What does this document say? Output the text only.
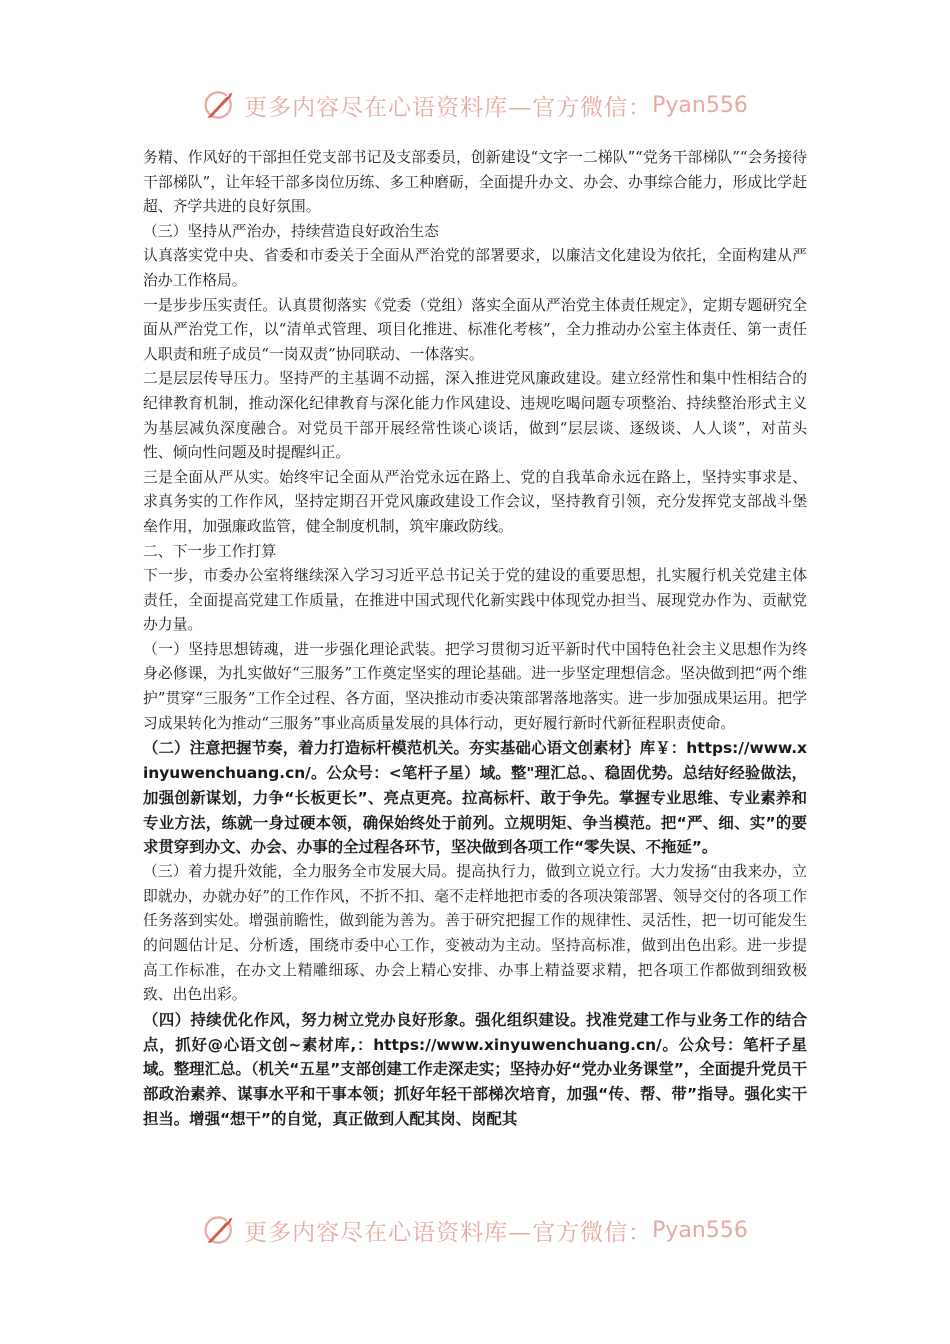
更多内容尽在心语资料库—官方微信： Pyan556

务精、作风好的干部担任党支部书记及支部委员，创新建设“文字一二梯队”“党务干部梯队”“会务接待干部梯队”，让年轻干部多岗位历练、多工种磨砺，全面提升办文、办会、办事综合能力，形成比学赶超、齐学共进的良好氛围。

（三）坚持从严治办，持续营造良好政治生态

认真落实党中央、省委和市委关于全面从严治党的部署要求，以廉洁文化建设为依托，全面构建从严治办工作格局。

一是步步压实责任。认真贯彻落实《党委（党组）落实全面从严治党主体责任规定》，定期专题研究全面从严治党工作，以“清单式管理、项目化推进、标准化考核”，全力推动办公室主体责任、第一责任人职责和班子成员“一岗双责”协同联动、一体落实。

二是层层传导压力。坚持严的主基调不动摇，深入推进党风廉政建设。建立经常性和集中性相结合的纪律教育机制，推动深化纪律教育与深化能力作风建设、违规吃喝问题专项整治、持续整治形式主义为基层减负深度融合。对党员干部开展经常性谈心谈话，做到“层层谈、逐级谈、人人谈”，对苗头性、倾向性问题及时提醒纠正。

三是全面从严从实。始终牢记全面从严治党永远在路上、党的自我革命永远在路上，坚持实事求是、求真务实的工作作风，坚持定期召开党风廉政建设工作会议，坚持教育引领，充分发挥党支部战斗堡垒作用，加强廉政监管，健全制度机制，筑牢廉政防线。

二、下一步工作打算

下一步，市委办公室将继续深入学习习近平总书记关于党的建设的重要思想，扎实履行机关党建主体责任，全面提高党建工作质量，在推进中国式现代化新实践中体现党办担当、展现党办作为、贡献党办力量。

（一）坚持思想铸魂，进一步强化理论武装。把学习贯彻习近平新时代中国特色社会主义思想作为终身必修课，为扎实做好“三服务”工作奠定坚实的理论基础。进一步坚定理想信念。坚决做到把“两个维护”贯穿“三服务”工作全过程、各方面，坚决推动市委决策部署落地落实。进一步加强成果运用。把学习成果转化为推动“三服务”事业高质量发展的具体行动，更好履行新时代新征程职责使命。

（二）注意把握节奏，着力打造标杆模范机关。夯实基础心语文创素材｝库￥：https://www.xinyuwenchuang.cn/。公众号：<笔杆子星）域。整"理汇总。、稳固优势。总结好经验做法，加强创新谋划，力争“长板更长”、亮点更亮。拉高标杆、敢于争先。掌握专业思维、专业素养和专业方法，练就一身过硬本领，确保始终处于前列。立规明矩、争当模范。把“严、细、实”的要求贯穿到办文、办会、办事的全过程各环节，坚决做到各项工作“零失误、不拖延”。

（三）着力提升效能，全力服务全市发展大局。提高执行力，做到立说立行。大力发扬“由我来办，立即就办，办就办好”的工作作风，不折不扣、毫不走样地把市委的各项决策部署、领导交付的各项工作任务落到实处。增强前瞻性，做到能为善为。善于研究把握工作的规律性、灵活性，把一切可能发生的问题估计足、分析透，围绕市委中心工作，变被动为主动。坚持高标准，做到出色出彩。进一步提高工作标准，在办文上精雕细琢、办会上精心安排、办事上精益要求精，把各项工作都做到细致极致、出色出彩。

（四）持续优化作风，努力树立党办良好形象。强化组织建设。找准党建工作与业务工作的结合点，抓好@心语文创~素材库,：https://www.xinyuwenchuang.cn/。公众号：笔杆子星域。整理汇总。（机关“五星”支部创建工作走深走实；坚持办好“党办业务课堂”，全面提升党员干部政治素养、谋事水平和干事本领；抓好年轻干部梯次培育，加强“传、帮、带”指导。强化实干担当。增强“想干”的自觉，真正做到人配其岗、岗配其

更多内容尽在心语资料库—官方微信： Pyan556
